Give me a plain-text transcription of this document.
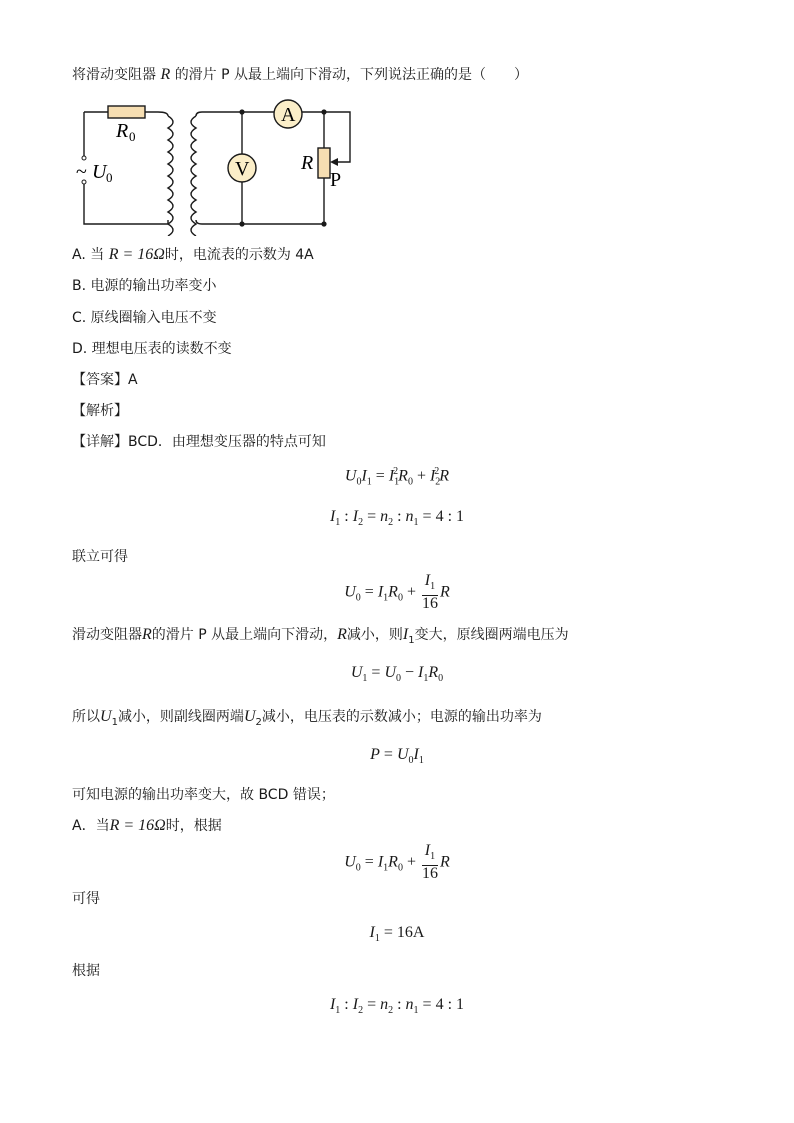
将滑动变阻器 R 的滑片 P 从最上端向下滑动，下列说法正确的是（　　）
A
V
R 0
~ U 0
R
P
A. 当 R = 16Ω时，电流表的示数为 4A
B. 电源的输出功率变小
C. 原线圈输入电压不变
D. 理想电压表的读数不变
【答案】A
【解析】
【详解】BCD．由理想变压器的特点可知
$U_0I_1 = I_1^2R_0 + I_2^2R$
$I_1$ : $I_2 = n_2$ : $n_1 = 4$ : 1
联立可得
$U_0 = I_1R_0 + \frac{I_1}{16}$ R
滑动变阻器R的滑片 P 从最上端向下滑动，R减小，则$I_1$变大，原线圈两端电压为
$U_1 = U_0 - I_1R_0$
所以$U_1$减小，则副线圈两端$U_2$减小，电压表的示数减小；电源的输出功率为
$P = U_0I_1$
可知电源的输出功率变大，故 BCD 错误；
A．当R = 16Ω时，根据
$U_0 = I_1R_0 + \frac{I_1}{16}$ R
可得
$I_1 = 16A$
根据
$I_1$ : $I_2 = n_2$ : $n_1 = 4$ : 1
